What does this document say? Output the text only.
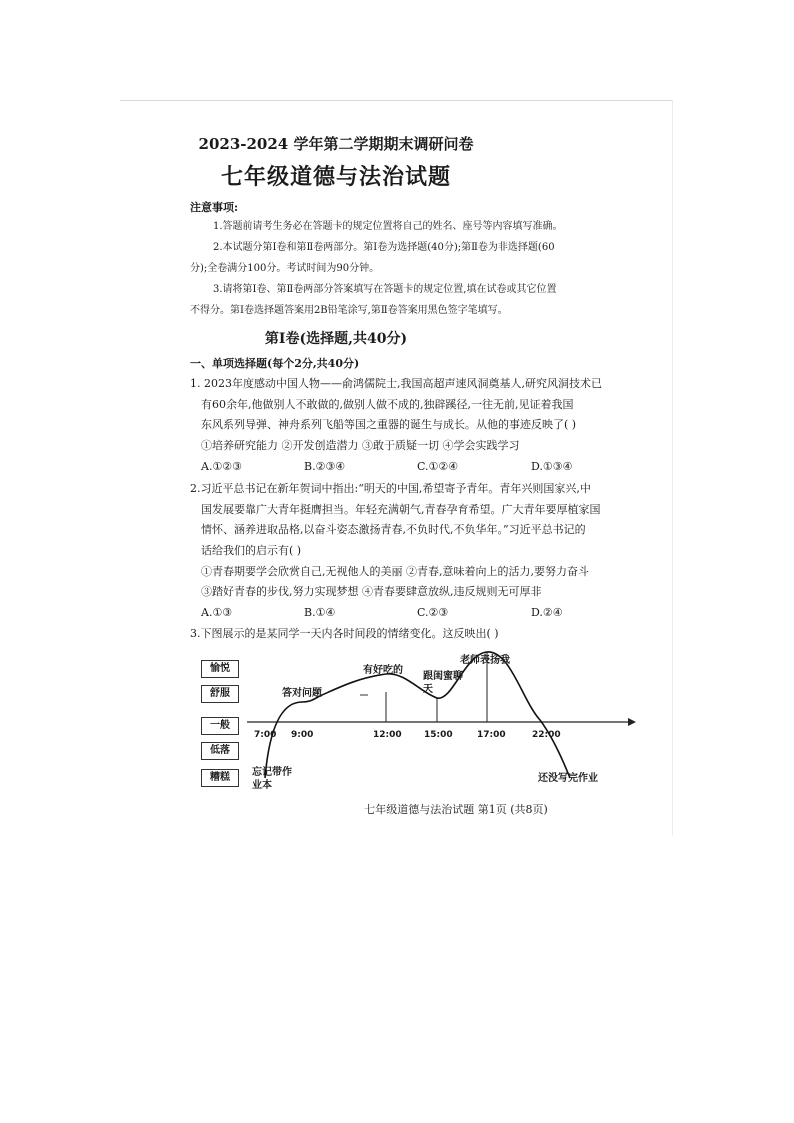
2023-2024 学年第二学期期末调研问卷
七年级道德与法治试题
注意事项:
1.答题前请考生务必在答题卡的规定位置将自己的姓名、座号等内容填写准确。
2.本试题分第Ⅰ卷和第Ⅱ卷两部分。第Ⅰ卷为选择题(40分);第Ⅱ卷为非选择题(60
分);全卷满分100分。考试时间为90分钟。
3.请将第Ⅰ卷、第Ⅱ卷两部分答案填写在答题卡的规定位置,填在试卷或其它位置
不得分。第Ⅰ卷选择题答案用2B铅笔涂写,第Ⅱ卷答案用黑色签字笔填写。
第Ⅰ卷(选择题,共40分)
一、单项选择题(每个2分,共40分)
1. 2023年度感动中国人物——俞鸿儒院士,我国高超声速风洞奠基人,研究风洞技术已
有60余年,他做别人不敢做的,做别人做不成的,独辟蹊径,一往无前,见证着我国
东风系列导弹、神舟系列飞船等国之重器的诞生与成长。从他的事迹反映了( )
①培养研究能力 ②开发创造潜力 ③敢于质疑一切 ④学会实践学习
A.①②③	B.②③④	C.①②④	D.①③④
2.习近平总书记在新年贺词中指出:“明天的中国,希望寄予青年。青年兴则国家兴,中
国发展要靠广大青年挺膺担当。年轻充满朝气,青春孕育希望。广大青年要厚植家国
情怀、涵养进取品格,以奋斗姿态激扬青春,不负时代,不负华年。”习近平总书记的
话给我们的启示有( )
①青春期要学会欣赏自己,无视他人的美丽 ②青春,意味着向上的活力,要努力奋斗
③踏好青春的步伐,努力实现梦想 ④青春要肆意放纵,违反规则无可厚非
A.①③	B.①④	C.②③	D.②④
3.下图展示的是某同学一天内各时间段的情绪变化。这反映出( )
愉悦
舒服
一般
低落
糟糕
7:00 9:00	12:00 15:00	17:00	22:00
忘记带作业本
答对问题
有好吃的
跟闺蜜聊天
老师表扬我
还没写完作业
七年级道德与法治试题 第1页 (共8页)
